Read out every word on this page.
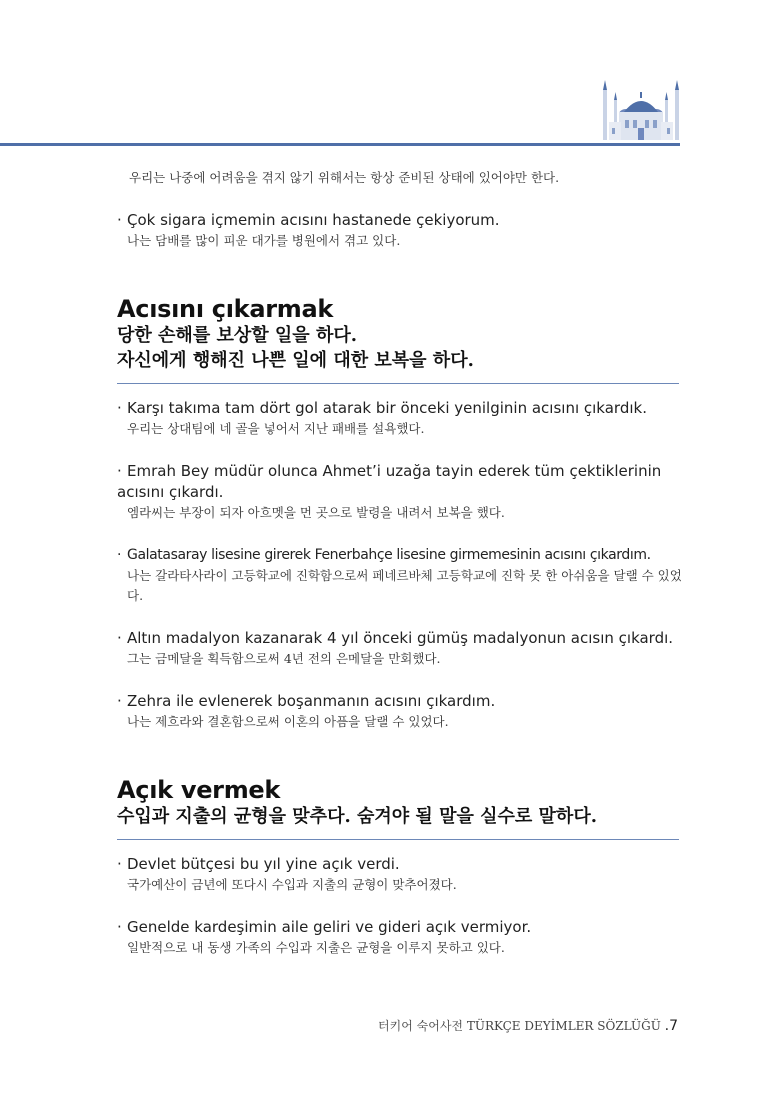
우리는 나중에 어려움을 겪지 않기 위해서는 항상 준비된 상태에 있어야만 한다.
· Çok sigara içmemin acısını hastanede çekiyorum.
나는 담배를 많이 피운 대가를 병원에서 겪고 있다.
Acısını çıkarmak
당한 손해를 보상할 일을 하다.
자신에게 행해진 나쁜 일에 대한 보복을 하다.
· Karşı takıma tam dört gol atarak bir önceki yenilginin acısını çıkardık.
우리는 상대팀에 네 골을 넣어서 지난 패배를 설욕했다.
· Emrah Bey müdür olunca Ahmet’i uzağa tayin ederek tüm çektiklerinin acısını çıkardı.
엠라씨는 부장이 되자 아흐멧을 먼 곳으로 발령을 내려서 보복을 했다.
· Galatasaray lisesine girerek Fenerbahçe lisesine girmemesinin acısını çıkardım.
나는 갈라타사라이 고등학교에 진학함으로써 페네르바체 고등학교에 진학 못 한 아쉬움을 달랠 수 있었다.
· Altın madalyon kazanarak 4 yıl önceki gümüş madalyonun acısın çıkardı.
그는 금메달을 획득함으로써 4년 전의 은메달을 만회했다.
· Zehra ile evlenerek boşanmanın acısını çıkardım.
나는 제흐라와 결혼함으로써 이혼의 아픔을 달랠 수 있었다.
Açık vermek
수입과 지출의 균형을 맞추다. 숨겨야 될 말을 실수로 말하다.
· Devlet bütçesi bu yıl yine açık verdi.
국가예산이 금년에 또다시 수입과 지출의 균형이 맞추어졌다.
· Genelde kardeşimin aile geliri ve gideri açık vermiyor.
일반적으로 내 동생 가족의 수입과 지출은 균형을 이루지 못하고 있다.
터키어 숙어사전 TÜRKÇE DEYİMLER SÖZLÜĞÜ .7
